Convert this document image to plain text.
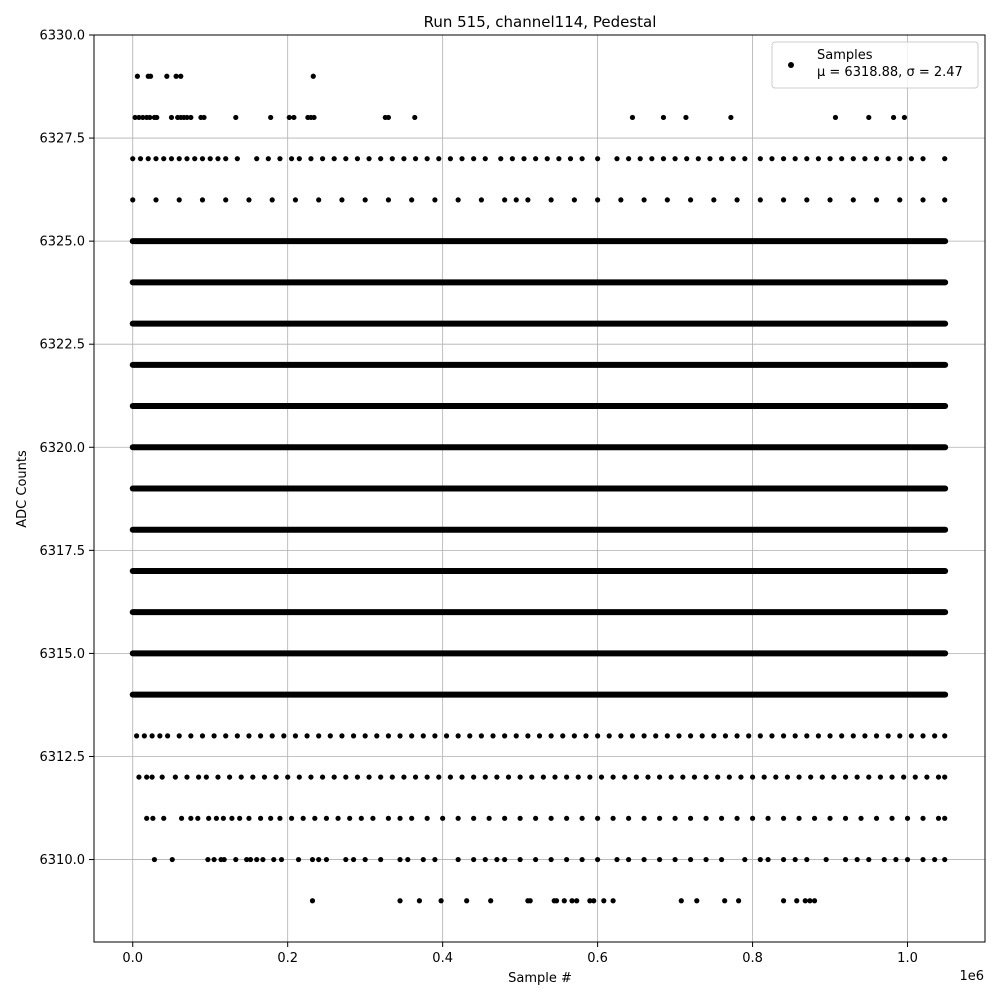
0.0	0.2	0.4	0.6	0.8	1.0
6310.0
6312.5
6315.0
6317.5
6320.0
6322.5
6325.0
6327.5
6330.0
Run 515, channel114, Pedestal
Sample #
ADC Counts
1e6
Samples
μ = 6318.88, σ = 2.47
